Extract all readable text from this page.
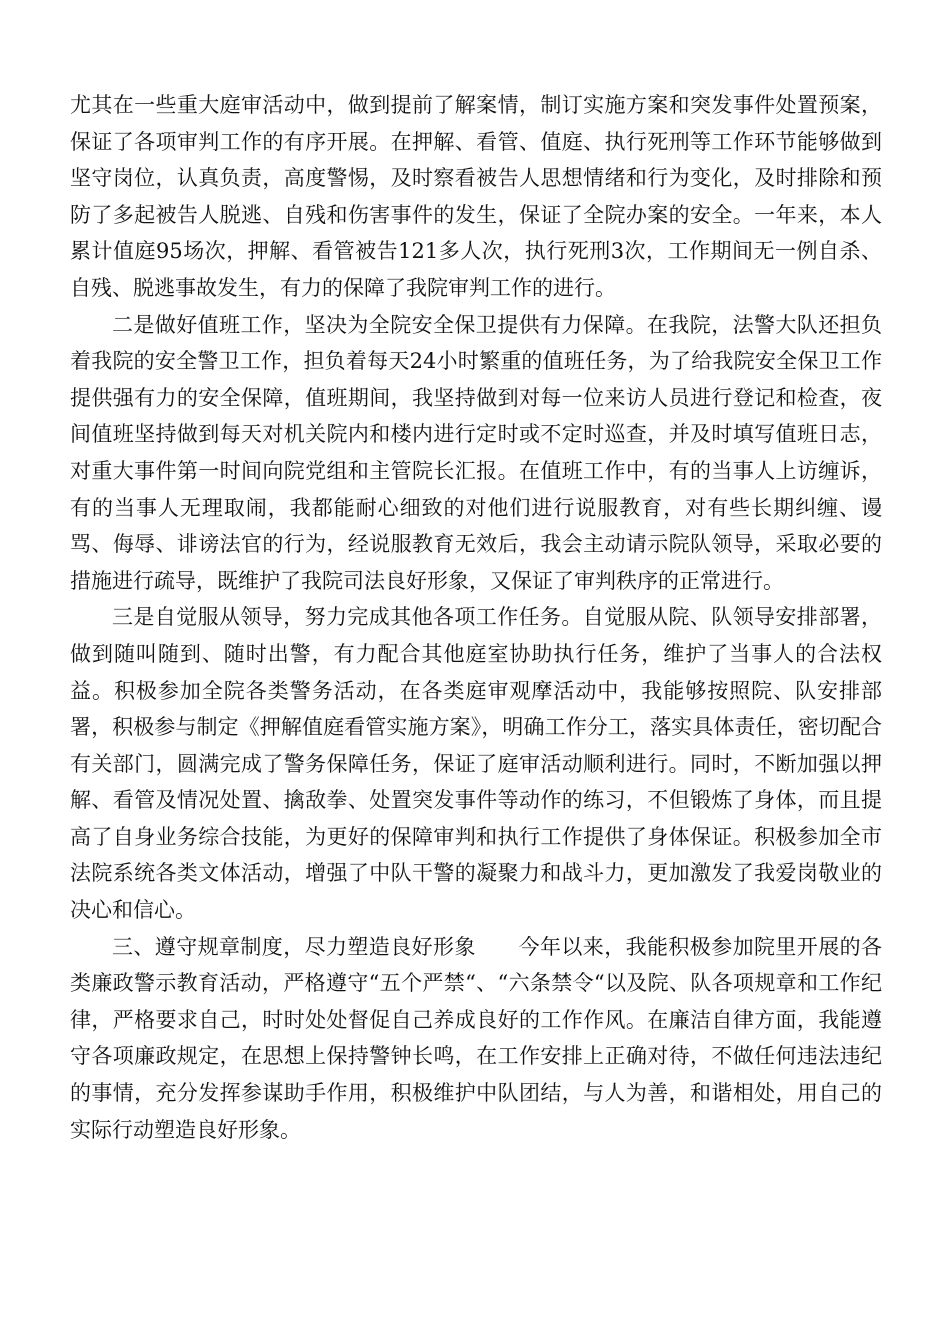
尤其在一些重大庭审活动中，做到提前了解案情，制订实施方案和突发事件处置预案，保证了各项审判工作的有序开展。在押解、看管、值庭、执行死刑等工作环节能够做到坚守岗位，认真负责，高度警惕，及时察看被告人思想情绪和行为变化，及时排除和预防了多起被告人脱逃、自残和伤害事件的发生，保证了全院办案的安全。一年来，本人累计值庭95场次，押解、看管被告121多人次，执行死刑3次，工作期间无一例自杀、自残、脱逃事故发生，有力的保障了我院审判工作的进行。

二是做好值班工作，坚决为全院安全保卫提供有力保障。在我院，法警大队还担负着我院的安全警卫工作，担负着每天24小时繁重的值班任务，为了给我院安全保卫工作提供强有力的安全保障，值班期间，我坚持做到对每一位来访人员进行登记和检查，夜间值班坚持做到每天对机关院内和楼内进行定时或不定时巡查，并及时填写值班日志，对重大事件第一时间向院党组和主管院长汇报。在值班工作中，有的当事人上访缠诉，有的当事人无理取闹，我都能耐心细致的对他们进行说服教育，对有些长期纠缠、谩骂、侮辱、诽谤法官的行为，经说服教育无效后，我会主动请示院队领导，采取必要的措施进行疏导，既维护了我院司法良好形象，又保证了审判秩序的正常进行。

三是自觉服从领导，努力完成其他各项工作任务。自觉服从院、队领导安排部署，做到随叫随到、随时出警，有力配合其他庭室协助执行任务，维护了当事人的合法权益。积极参加全院各类警务活动，在各类庭审观摩活动中，我能够按照院、队安排部署，积极参与制定《押解值庭看管实施方案》，明确工作分工，落实具体责任，密切配合有关部门，圆满完成了警务保障任务，保证了庭审活动顺利进行。同时，不断加强以押解、看管及情况处置、擒敌拳、处置突发事件等动作的练习，不但锻炼了身体，而且提高了自身业务综合技能，为更好的保障审判和执行工作提供了身体保证。积极参加全市法院系统各类文体活动，增强了中队干警的凝聚力和战斗力，更加激发了我爱岗敬业的决心和信心。

三、遵守规章制度，尽力塑造良好形象　　今年以来，我能积极参加院里开展的各类廉政警示教育活动，严格遵守“五个严禁“、“六条禁令“以及院、队各项规章和工作纪律，严格要求自己，时时处处督促自己养成良好的工作作风。在廉洁自律方面，我能遵守各项廉政规定，在思想上保持警钟长鸣，在工作安排上正确对待，不做任何违法违纪的事情，充分发挥参谋助手作用，积极维护中队团结，与人为善，和谐相处，用自己的实际行动塑造良好形象。
